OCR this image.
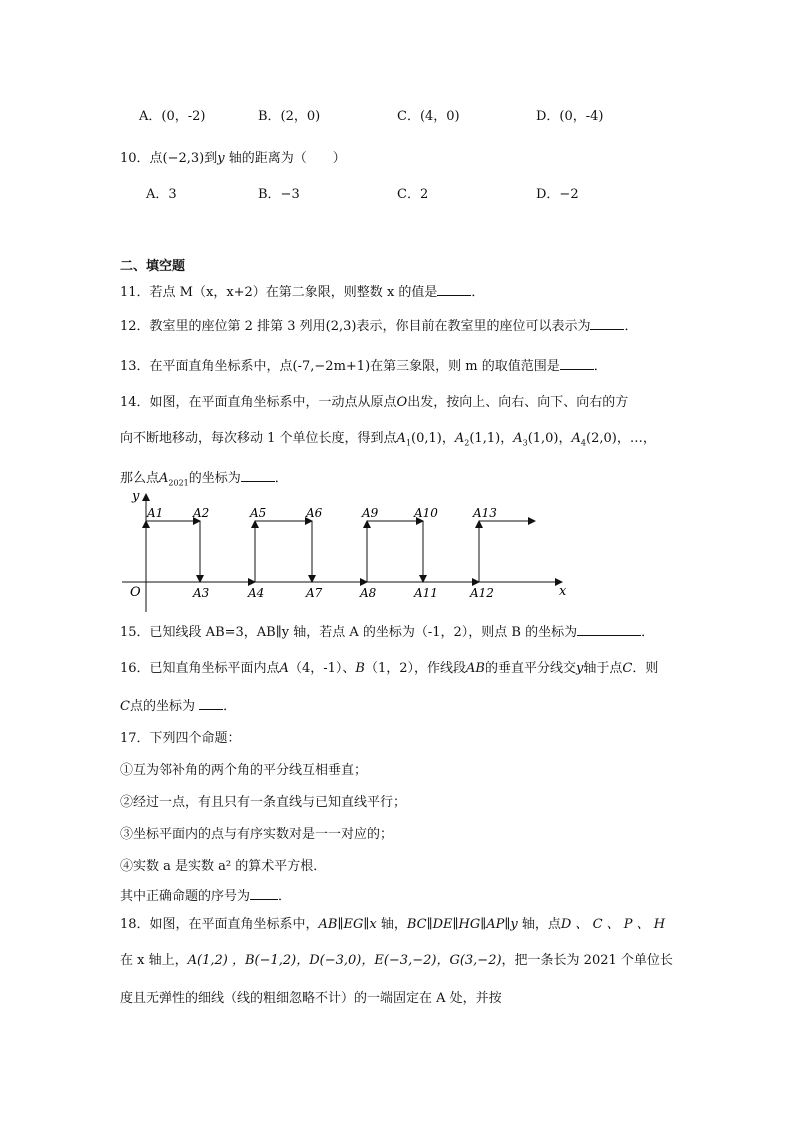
A．(0，-2)	B．(2，0)	C．(4，0)	D．(0，-4)
10．点(−2,3)到y 轴的距离为（　　）
A．3	B．−3	C．2	D．−2
二、填空题
11．若点 M（x，x+2）在第二象限，则整数 x 的值是	．
12．教室里的座位第 2 排第 3 列用(2,3)表示，你目前在教室里的座位可以表示为	．
13．在平面直角坐标系中，点(-7,−2m+1)在第三象限，则 m 的取值范围是	．
14．如图，在平面直角坐标系中，一动点从原点O出发，按向上、向右、向下、向右的方
向不断地移动，每次移动 1 个单位长度，得到点$A_1(0,1)$，$A_2(1,1)$，$A_3(1,0)$，$A_4(2,0)$，…，
那么点$A_{2021}$的坐标为	．
y
x
O
A1 A2
A3	A4
A5	A6
A7	A8
A9	A10
A11	A12
A13
15．已知线段 AB=3，AB∥y 轴，若点 A 的坐标为（-1，2），则点 B 的坐标为	．
16．已知直角坐标平面内点A（4，-1）、B（1，2），作线段AB的垂直平分线交y轴于点C．则
C点的坐标为 ．
17．下列四个命题：
①互为邻补角的两个角的平分线互相垂直；
②经过一点，有且只有一条直线与已知直线平行；
③坐标平面内的点与有序实数对是一一对应的；
④实数 a 是实数 a² 的算术平方根．
其中正确命题的序号为 ．
18．如图，在平面直角坐标系中，AB∥EG∥x 轴，BC∥DE∥HG∥AP∥y 轴，点D 、 C 、 P 、 H
在 x 轴上，A(1,2) ，B(−1,2)，D(−3,0)，E(−3,−2)，G(3,−2)，把一条长为 2021 个单位长
度且无弹性的细线（线的粗细忽略不计）的一端固定在 A 处，并按
